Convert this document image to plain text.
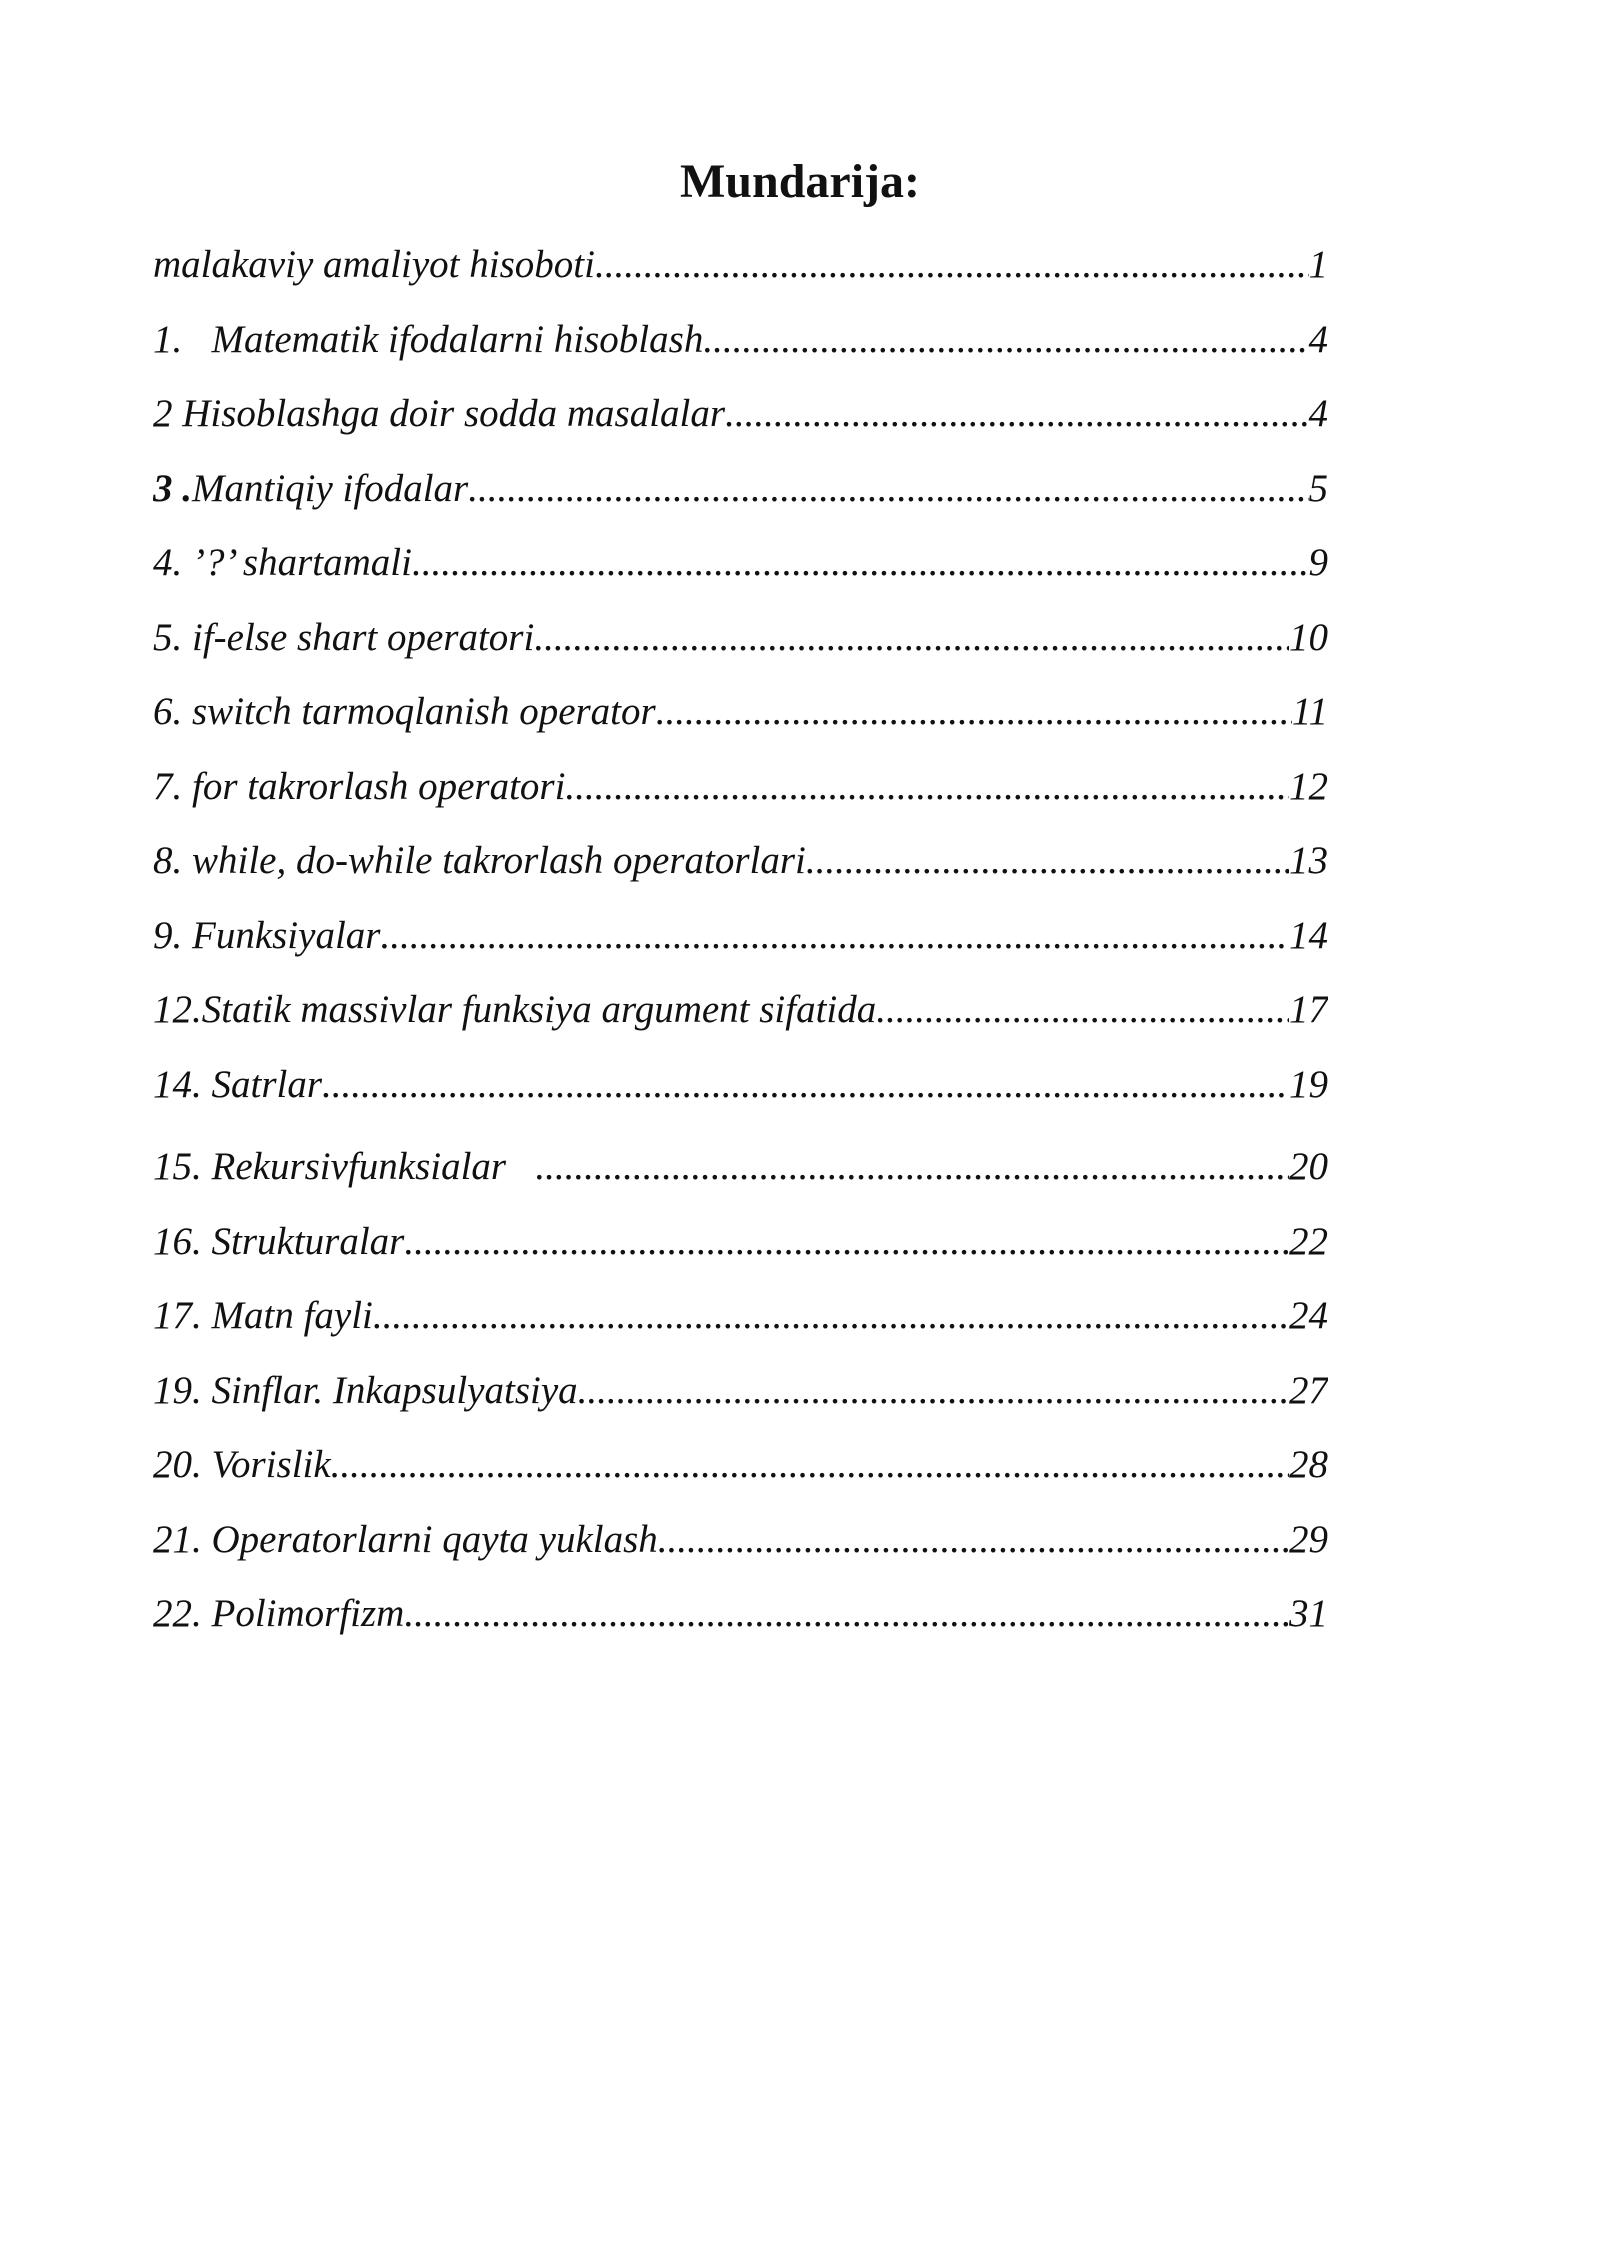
Mundarija:
malakaviy amaliyot hisoboti .....	1
1. Matematik ifodalarni hisoblash .....	4
2 Hisoblashga doir sodda masalalar .....	4
3 . Mantiqiy ifodalar .....	5
4. ’?’ shartamali .....	9
5. if-else shart operatori .....	10
6. switch tarmoqlanish operator .....	11
7. for takrorlash operatori .....	12
8. while, do-while takrorlash operatorlari .....	13
9. Funksiyalar .....	14
12.Statik massivlar funksiya argument sifatida .....	17
14. Satrlar .....	19
15. Rekursivfunksialar .....	20
16. Strukturalar .....	22
17. Matn fayli .....	24
19. Sinflar. Inkapsulyatsiya .....	27
20. Vorislik .....	28
21. Operatorlarni qayta yuklash .....	29
22. Polimorfizm .....	31
